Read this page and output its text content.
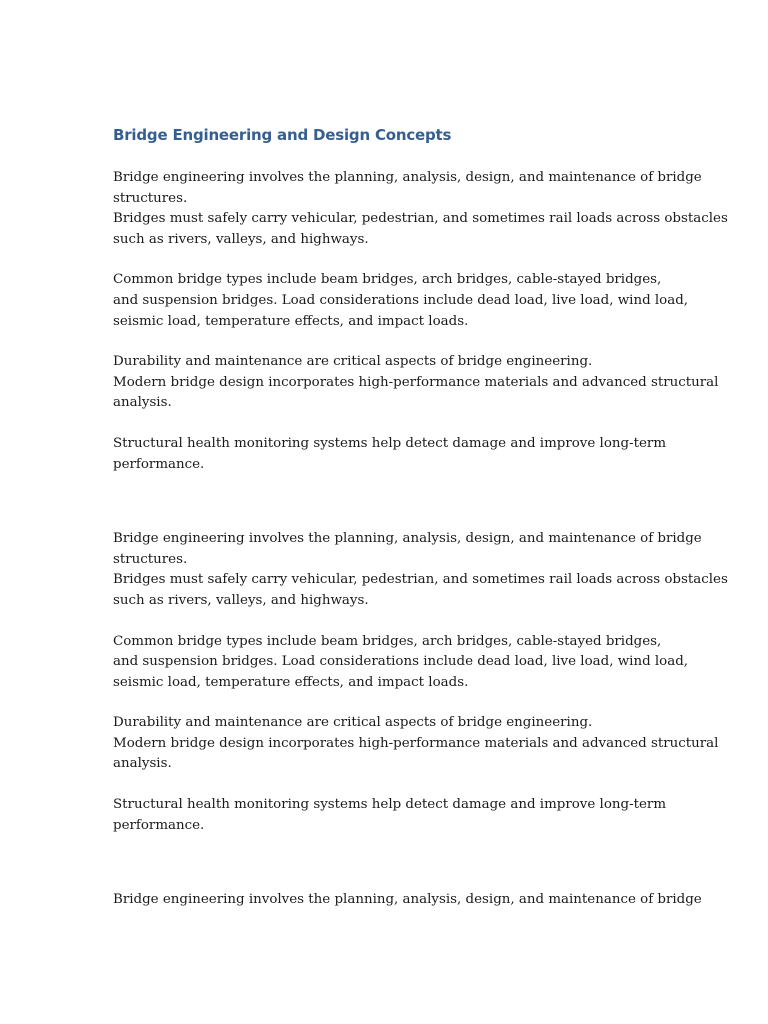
Bridge Engineering and Design Concepts

Bridge engineering involves the planning, analysis, design, and maintenance of bridge
structures.

Bridges must safely carry vehicular, pedestrian, and sometimes rail loads across obstacles
such as rivers, valleys, and highways.

Common bridge types include beam bridges, arch bridges, cable-stayed bridges,
and suspension bridges. Load considerations include dead load, live load, wind load,
seismic load, temperature effects, and impact loads.

Durability and maintenance are critical aspects of bridge engineering.

Modern bridge design incorporates high-performance materials and advanced structural
analysis.

Structural health monitoring systems help detect damage and improve long-term
performance.

Bridge engineering involves the planning, analysis, design, and maintenance of bridge
structures.

Bridges must safely carry vehicular, pedestrian, and sometimes rail loads across obstacles
such as rivers, valleys, and highways.

Common bridge types include beam bridges, arch bridges, cable-stayed bridges,
and suspension bridges. Load considerations include dead load, live load, wind load,
seismic load, temperature effects, and impact loads.

Durability and maintenance are critical aspects of bridge engineering.

Modern bridge design incorporates high-performance materials and advanced structural
analysis.

Structural health monitoring systems help detect damage and improve long-term
performance.

Bridge engineering involves the planning, analysis, design, and maintenance of bridge
